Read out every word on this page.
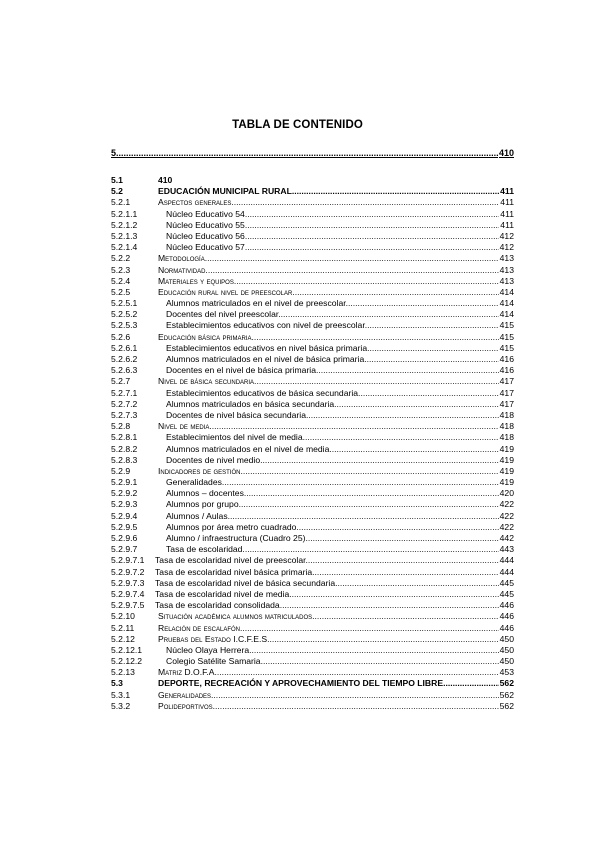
TABLA DE CONTENIDO
5 .....	410
5.1	410
5.2	EDUCACIÓN MUNICIPAL RURAL .....	411
5.2.1	Aspectos generales. .....	411
5.2.1.1	Núcleo Educativo 54. .....	411
5.2.1.2	Núcleo Educativo 55. .....	411
5.2.1.3	Núcleo Educativo 56. .....	412
5.2.1.4	Núcleo Educativo 57. .....	412
5.2.2	Metodología. .....	413
5.2.3	Normatividad. .....	413
5.2.4	Materiales y equipos. .....	413
5.2.5	Educación rural nivel de preescolar. .....	414
5.2.5.1	Alumnos matriculados en el nivel de preescolar. .....	414
5.2.5.2	Docentes del nivel preescolar. .....	414
5.2.5.3	Establecimientos educativos con nivel de preescolar. .....	415
5.2.6	Educación básica primaria. .....	415
5.2.6.1	Establecimientos educativos en nivel básica primaria. .....	415
5.2.6.2	Alumnos matriculados en el nivel de básica primaria. .....	416
5.2.6.3	Docentes en el nivel de básica primaria. .....	416
5.2.7	Nivel de básica secundaria. .....	417
5.2.7.1	Establecimientos educativos de básica secundaria. .....	417
5.2.7.2	Alumnos matriculados en básica secundaria. .....	417
5.2.7.3	Docentes de nivel básica secundaria. .....	418
5.2.8	Nivel de media. .....	418
5.2.8.1	Establecimientos del nivel de media. .....	418
5.2.8.2	Alumnos matriculados en el nivel de media. .....	419
5.2.8.3	Docentes de nivel medio. .....	419
5.2.9	Indicadores de gestión. .....	419
5.2.9.1	Generalidades. .....	419
5.2.9.2	Alumnos – docentes. .....	420
5.2.9.3	Alumnos por grupo. .....	422
5.2.9.4	Alumnos / Aulas. .....	422
5.2.9.5	Alumnos por área metro cuadrado. .....	422
5.2.9.6	Alumno / infraestructura (Cuadro 25) .....	442
5.2.9.7	Tasa de escolaridad. .....	443
5.2.9.7.1	Tasa de escolaridad nivel de preescolar. .....	444
5.2.9.7.2	Tasa de escolaridad nivel básica primaria. .....	444
5.2.9.7.3	Tasa de escolaridad nivel de básica secundaria. .....	445
5.2.9.7.4	Tasa de escolaridad nivel de media. .....	445
5.2.9.7.5	Tasa de escolaridad consolidada. .....	446
5.2.10	Situación académica alumnos matriculados. .....	446
5.2.11	Relación de escalafón. .....	446
5.2.12	Pruebas del Estado I.C.F.E.S. .....	450
5.2.12.1	Núcleo Olaya Herrera. .....	450
5.2.12.2	Colegio Satélite Samaria. .....	450
5.2.13	Matriz D.O.F.A. .....	453
5.3	DEPORTE, RECREACIÓN Y APROVECHAMIENTO DEL TIEMPO LIBRE .....	562
5.3.1	Generalidades. .....	562
5.3.2	Polideportivos. .....	562
